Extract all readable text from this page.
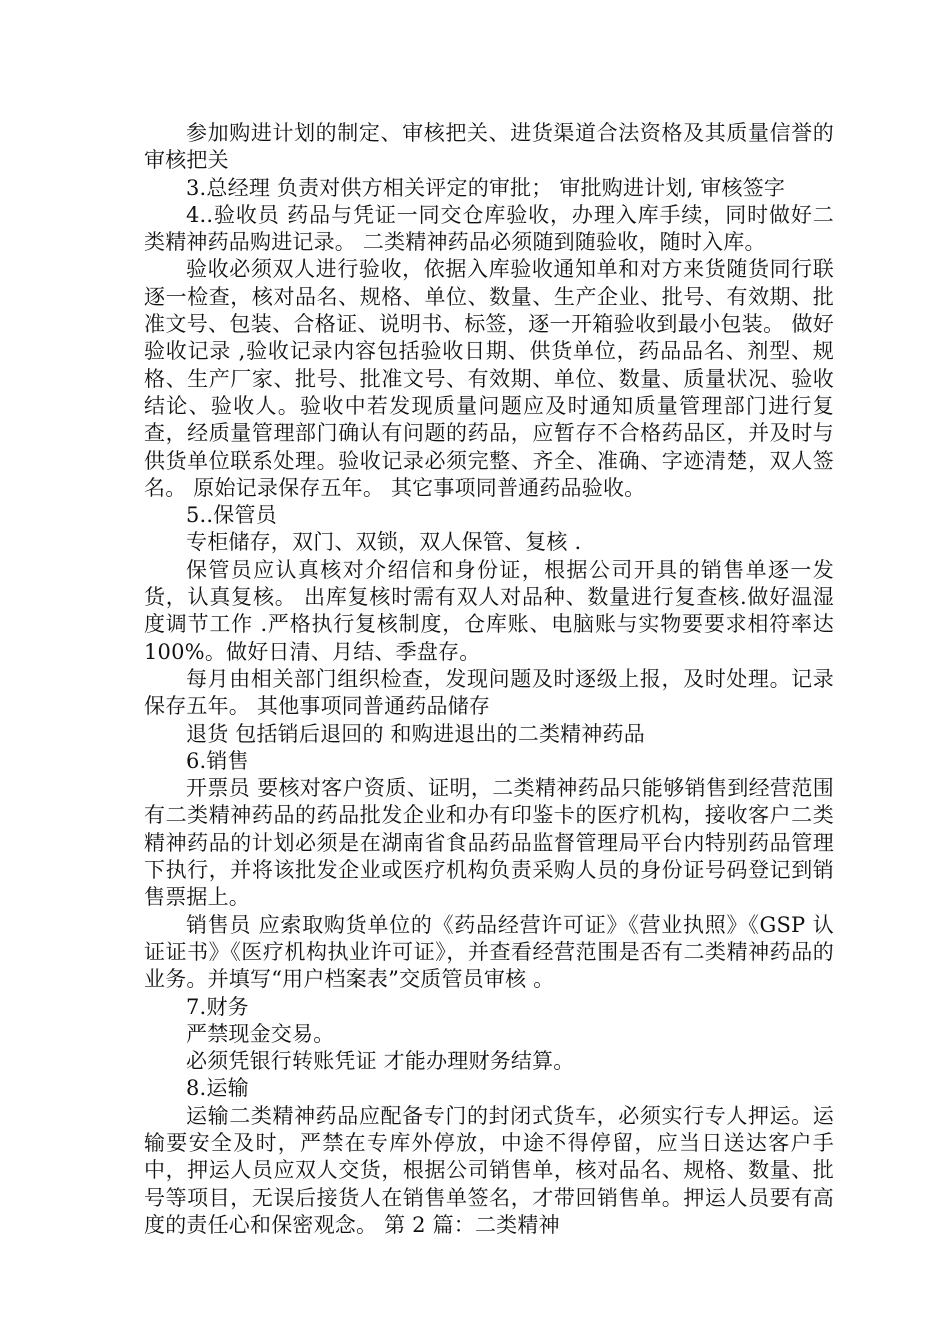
参加购进计划的制定、审核把关、进货渠道合法资格及其质量信誉的审核把关

3.总经理 负责对供方相关评定的审批； 审批购进计划, 审核签字

4..验收员 药品与凭证一同交仓库验收，办理入库手续，同时做好二类精神药品购进记录。 二类精神药品必须随到随验收，随时入库。

验收必须双人进行验收，依据入库验收通知单和对方来货随货同行联逐一检查，核对品名、规格、单位、数量、生产企业、批号、有效期、批准文号、包装、合格证、说明书、标签，逐一开箱验收到最小包装。 做好验收记录 ,验收记录内容包括验收日期、供货单位，药品品名、剂型、规格、生产厂家、批号、批准文号、有效期、单位、数量、质量状况、验收结论、验收人。验收中若发现质量问题应及时通知质量管理部门进行复查，经质量管理部门确认有问题的药品，应暂存不合格药品区，并及时与供货单位联系处理。验收记录必须完整、齐全、准确、字迹清楚，双人签名。 原始记录保存五年。 其它事项同普通药品验收。

5..保管员

专柜储存，双门、双锁，双人保管、复核 .

保管员应认真核对介绍信和身份证，根据公司开具的销售单逐一发货，认真复核。 出库复核时需有双人对品种、数量进行复查核.做好温湿度调节工作 .严格执行复核制度，仓库账、电脑账与实物要要求相符率达 100%。做好日清、月结、季盘存。

每月由相关部门组织检查，发现问题及时逐级上报，及时处理。记录保存五年。 其他事项同普通药品储存

退货 包括销后退回的 和购进退出的二类精神药品

6.销售

开票员 要核对客户资质、证明，二类精神药品只能够销售到经营范围有二类精神药品的药品批发企业和办有印鉴卡的医疗机构，接收客户二类精神药品的计划必须是在湖南省食品药品监督管理局平台内特别药品管理下执行，并将该批发企业或医疗机构负责采购人员的身份证号码登记到销售票据上。

销售员 应索取购货单位的《药品经营许可证》《营业执照》《GSP 认证证书》《医疗机构执业许可证》，并查看经营范围是否有二类精神药品的业务。并填写“用户档案表”交质管员审核 。

7.财务

严禁现金交易。

必须凭银行转账凭证 才能办理财务结算。

8.运输

运输二类精神药品应配备专门的封闭式货车，必须实行专人押运。运输要安全及时，严禁在专库外停放，中途不得停留，应当日送达客户手中，押运人员应双人交货，根据公司销售单，核对品名、规格、数量、批号等项目，无误后接货人在销售单签名，才带回销售单。押运人员要有高度的责任心和保密观念。 第 2 篇：二类精神
